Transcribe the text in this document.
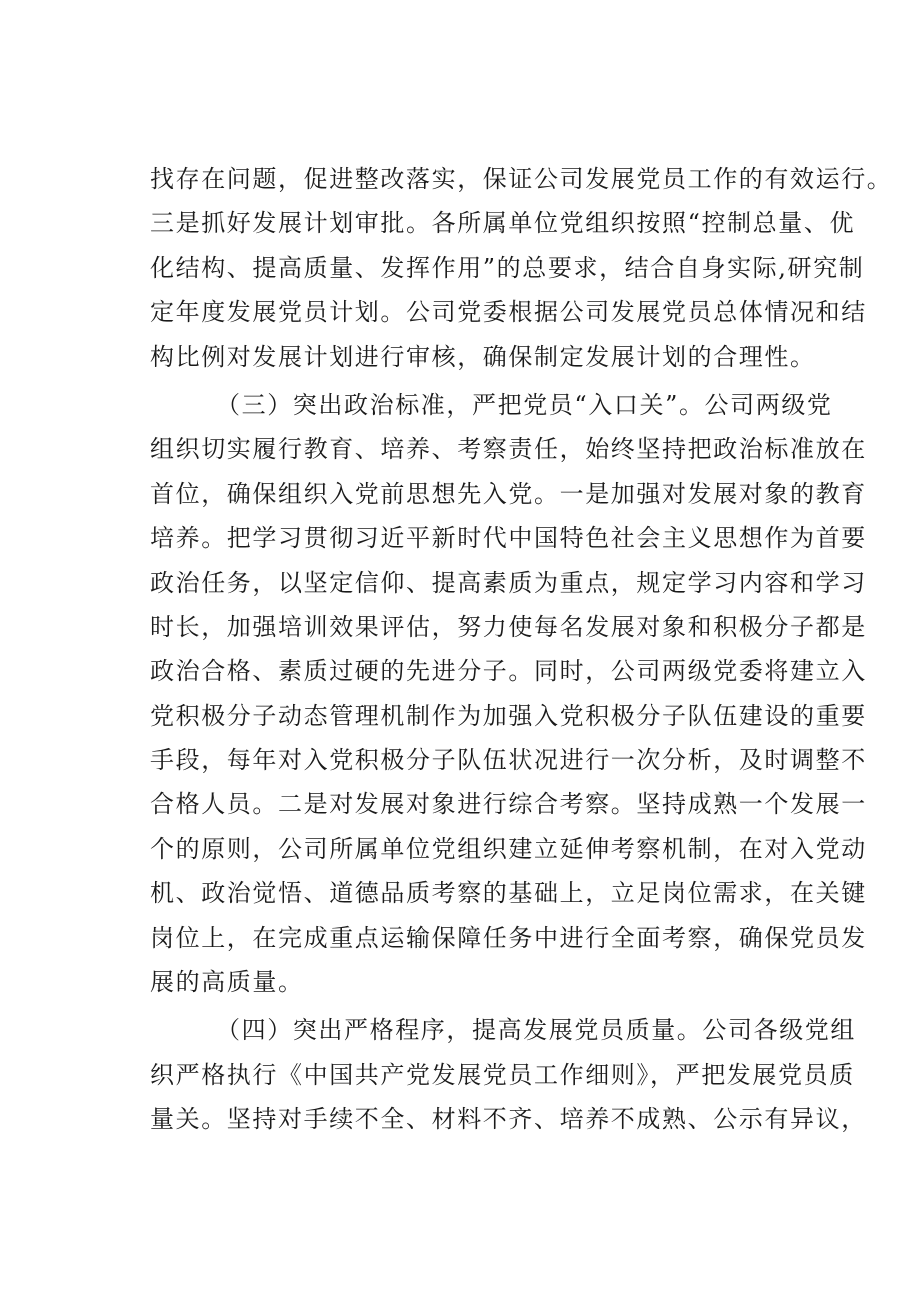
找存在问题，促进整改落实，保证公司发展党员工作的有效运行。
三是抓好发展计划审批。各所属单位党组织按照“控制总量、优
化结构、提高质量、发挥作用”的总要求，结合自身实际,研究制
定年度发展党员计划。公司党委根据公司发展党员总体情况和结
构比例对发展计划进行审核，确保制定发展计划的合理性。
（三）突出政治标准，严把党员“入口关”。公司两级党
组织切实履行教育、培养、考察责任，始终坚持把政治标准放在
首位，确保组织入党前思想先入党。一是加强对发展对象的教育
培养。把学习贯彻习近平新时代中国特色社会主义思想作为首要
政治任务，以坚定信仰、提高素质为重点，规定学习内容和学习
时长，加强培训效果评估，努力使每名发展对象和积极分子都是
政治合格、素质过硬的先进分子。同时，公司两级党委将建立入
党积极分子动态管理机制作为加强入党积极分子队伍建设的重要
手段，每年对入党积极分子队伍状况进行一次分析，及时调整不
合格人员。二是对发展对象进行综合考察。坚持成熟一个发展一
个的原则，公司所属单位党组织建立延伸考察机制，在对入党动
机、政治觉悟、道德品质考察的基础上，立足岗位需求，在关键
岗位上，在完成重点运输保障任务中进行全面考察，确保党员发
展的高质量。
（四）突出严格程序，提高发展党员质量。公司各级党组
织严格执行《中国共产党发展党员工作细则》，严把发展党员质
量关。坚持对手续不全、材料不齐、培养不成熟、公示有异议，
